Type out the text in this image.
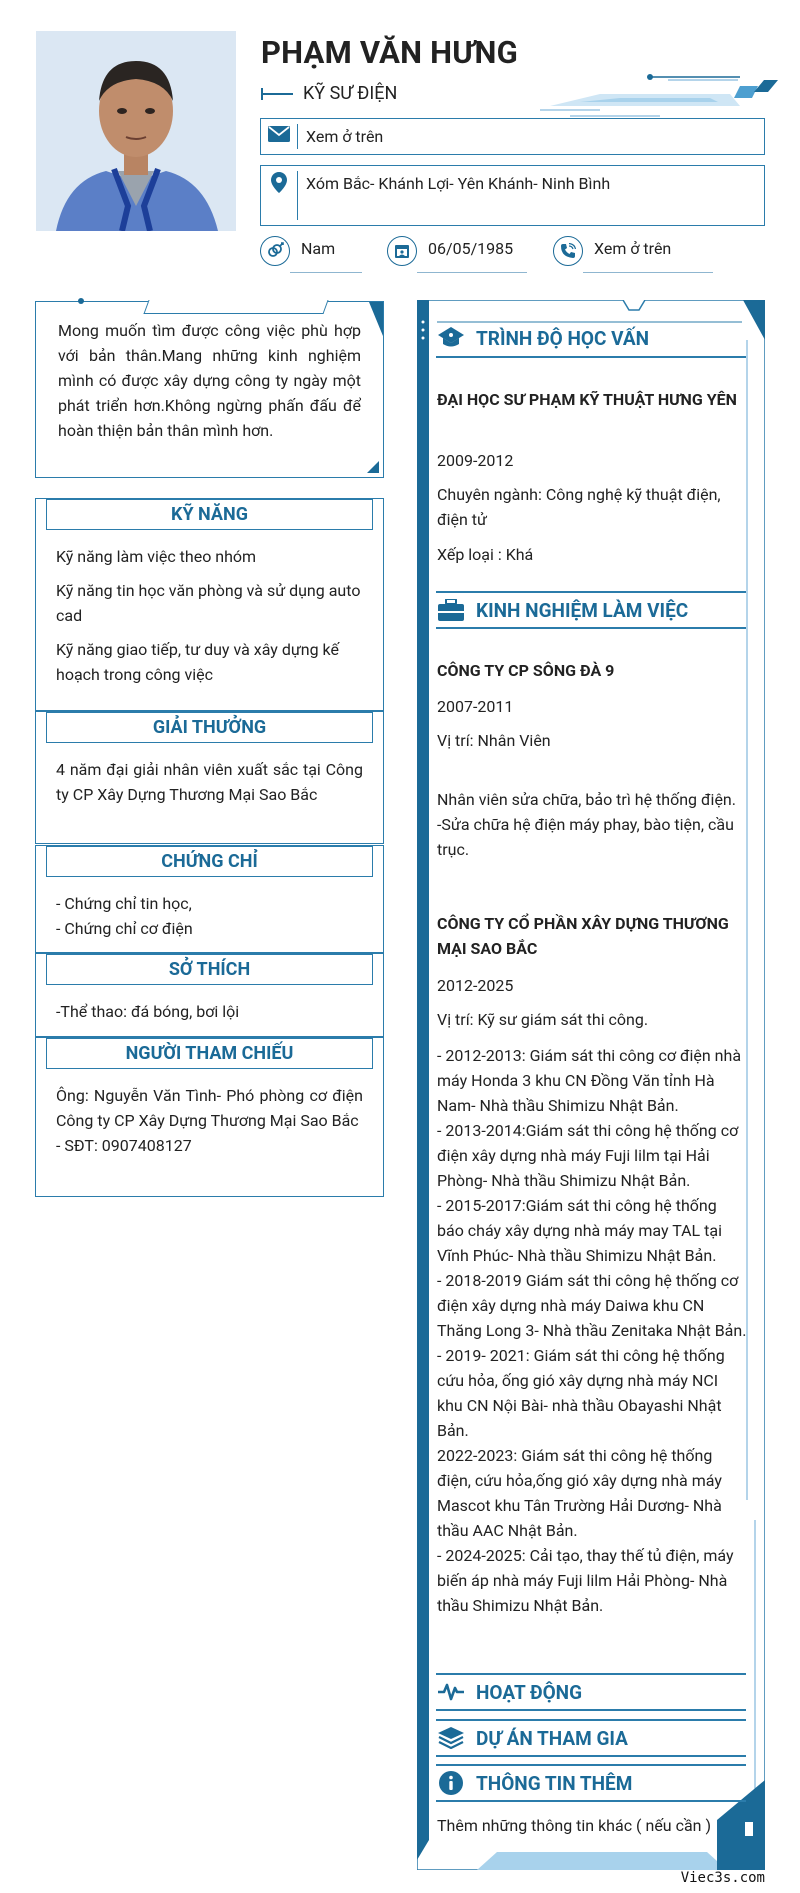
PHẠM VĂN HƯNG
KỸ SƯ ĐIỆN
Xem ở trên
Xóm Bắc- Khánh Lợi- Yên Khánh- Ninh Bình
Nam	06/05/1985	Xem ở trên
Mong muốn tìm được công việc phù hợp với bản thân.Mang những kinh nghiệm mình có được xây dựng công ty ngày một phát triển hơn.Không ngừng phấn đấu để hoàn thiện bản thân mình hơn.
KỸ NĂNG

Kỹ năng làm việc theo nhóm

Kỹ năng tin học văn phòng và sử dụng auto cad

Kỹ năng giao tiếp, tư duy và xây dựng kế hoạch trong công việc

GIẢI THƯỞNG

4 năm đại giải nhân viên xuất sắc tại Công ty CP Xây Dựng Thương Mại Sao Bắc

CHỨNG CHỈ
- Chứng chỉ tin học,
- Chứng chỉ cơ điện
SỞ THÍCH
-Thể thao: đá bóng, bơi lội
NGƯỜI THAM CHIẾU
Ông: Nguyễn Văn Tình- Phó phòng cơ điện Công ty CP Xây Dựng Thương Mại Sao Bắc
- SĐT: 0907408127
TRÌNH ĐỘ HỌC VẤN
ĐẠI HỌC SƯ PHẠM KỸ THUẬT HƯNG YÊN
2009-2012
Chuyên ngành: Công nghệ kỹ thuật điện, điện tử
Xếp loại : Khá
KINH NGHIỆM LÀM VIỆC
CÔNG TY CP SÔNG ĐÀ 9
2007-2011
Vị trí: Nhân Viên
Nhân viên sửa chữa, bảo trì hệ thống điện.
-Sửa chữa hệ điện máy phay, bào tiện, cầu trục.
CÔNG TY CỔ PHẦN XÂY DỰNG THƯƠNG MẠI SAO BẮC
2012-2025
Vị trí: Kỹ sư giám sát thi công.
- 2012-2013: Giám sát thi công cơ điện nhà máy Honda 3 khu CN Đồng Văn tỉnh Hà Nam- Nhà thầu Shimizu Nhật Bản.
- 2013-2014:Giám sát thi công hệ thống cơ điện xây dựng nhà máy Fuji lilm tại Hải Phòng- Nhà thầu Shimizu Nhật Bản.
- 2015-2017:Giám sát thi công hệ thống báo cháy xây dựng nhà máy may TAL tại Vĩnh Phúc- Nhà thầu Shimizu Nhật Bản.
- 2018-2019 Giám sát thi công hệ thống cơ điện xây dựng nhà máy Daiwa khu CN Thăng Long 3- Nhà thầu Zenitaka Nhật Bản.
- 2019- 2021: Giám sát thi công hệ thống cứu hỏa, ống gió xây dựng nhà máy NCI khu CN Nội Bài- nhà thầu Obayashi Nhật Bản.
2022-2023: Giám sát thi công hệ thống điện, cứu hỏa,ống gió xây dựng nhà máy Mascot khu Tân Trường Hải Dương- Nhà thầu AAC Nhật Bản.
- 2024-2025: Cải tạo, thay thế tủ điện, máy biến áp nhà máy Fuji lilm Hải Phòng- Nhà thầu Shimizu Nhật Bản.
HOẠT ĐỘNG
DỰ ÁN THAM GIA
THÔNG TIN THÊM
Thêm những thông tin khác ( nếu cần )
Viec3s.com
